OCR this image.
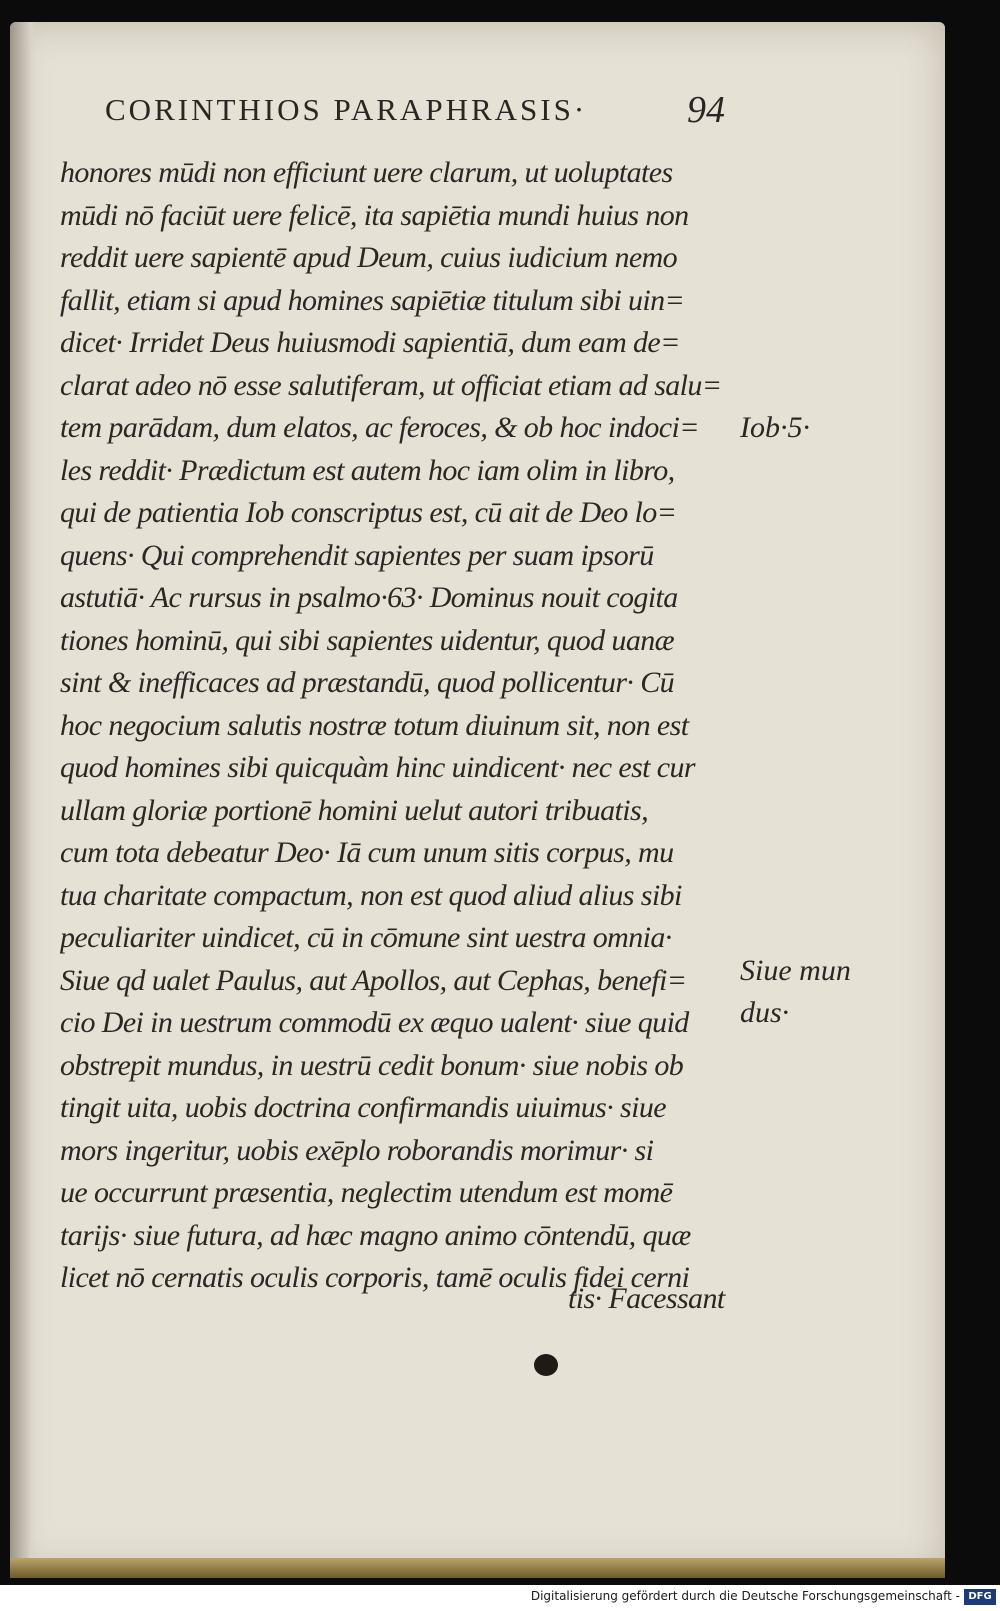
CORINTHIOS PARAPHRASIS·	94
honores mūdi non efficiunt uere clarum, ut uoluptates
mūdi nō faciūt uere felicē, ita sapiētia mundi huius non
reddit uere sapientē apud Deum, cuius iudicium nemo
fallit, etiam si apud homines sapiētiæ titulum sibi uin=
dicet· Irridet Deus huiusmodi sapientiā, dum eam de=
clarat adeo nō esse salutiferam, ut officiat etiam ad salu=
tem parādam, dum elatos, ac feroces, & ob hoc indoci=
les reddit· Prædictum est autem hoc iam olim in libro,
qui de patientia Iob conscriptus est, cū ait de Deo lo=
quens· Qui comprehendit sapientes per suam ipsorū
astutiā· Ac rursus in psalmo·63· Dominus nouit cogita
tiones hominū, qui sibi sapientes uidentur, quod uanæ
sint & inefficaces ad præstandū, quod pollicentur· Cū
hoc negocium salutis nostræ totum diuinum sit, non est
quod homines sibi quicquàm hinc uindicent· nec est cur
ullam gloriæ portionē homini uelut autori tribuatis,
cum tota debeatur Deo· Iā cum unum sitis corpus, mu
tua charitate compactum, non est quod aliud alius sibi
peculiariter uindicet, cū in cōmune sint uestra omnia·
Siue qd ualet Paulus, aut Apollos, aut Cephas, benefi=
cio Dei in uestrum commodū ex æquo ualent· siue quid
obstrepit mundus, in uestrū cedit bonum· siue nobis ob
tingit uita, uobis doctrina confirmandis uiuimus· siue
mors ingeritur, uobis exēplo roborandis morimur· si
ue occurrunt præsentia, neglectim utendum est momē
tarijs· siue futura, ad hæc magno animo cōntendū, quæ
licet nō cernatis oculis corporis, tamē oculis fidei cerni
tis· Facessant
Iob·5·
Siue mun
dus·
Digitalisierung gefördert durch die Deutsche Forschungsgemeinschaft - DFG
